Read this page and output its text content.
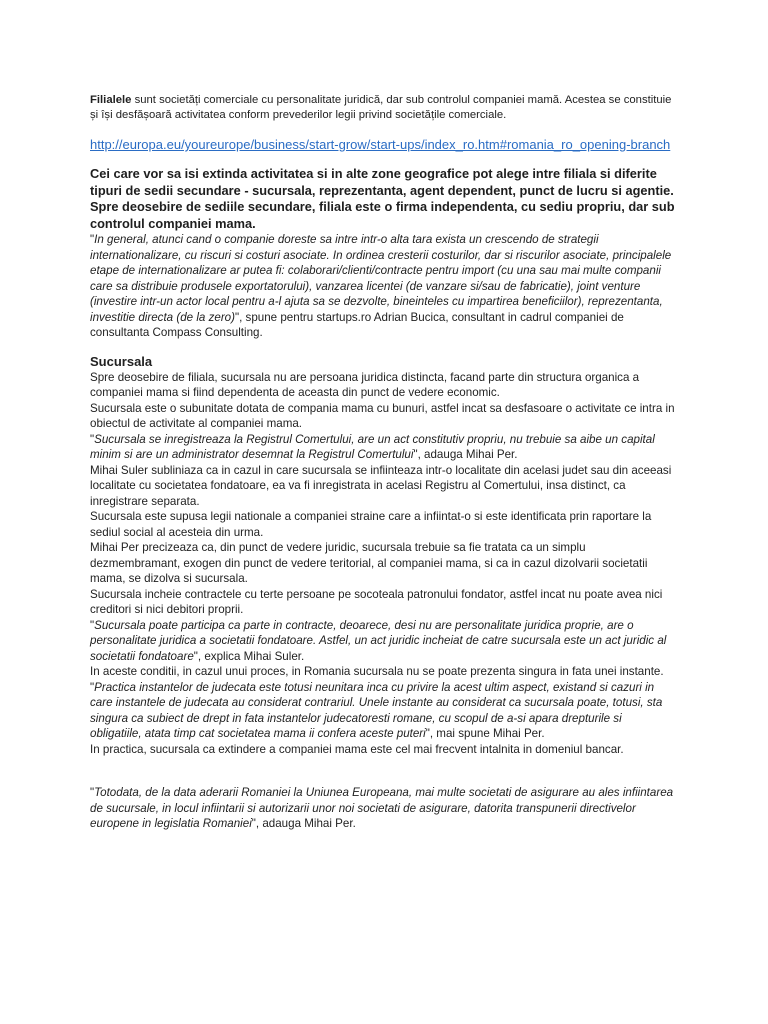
Filialele sunt societăți comerciale cu personalitate juridică, dar sub controlul companiei mamă. Acestea se constituie și își desfășoară activitatea conform prevederilor legii privind societățile comerciale.

http://europa.eu/youreurope/business/start-grow/start-ups/index_ro.htm#romania_ro_opening-branch

Cei care vor sa isi extinda activitatea si in alte zone geografice pot alege intre filiala si diferite tipuri de sedii secundare - sucursala, reprezentanta, agent dependent, punct de lucru si agentie. Spre deosebire de sediile secundare, filiala este o firma independenta, cu sediu propriu, dar sub controlul companiei mama.

"In general, atunci cand o companie doreste sa intre intr-o alta tara exista un crescendo de strategii internationalizare, cu riscuri si costuri asociate. In ordinea cresterii costurilor, dar si riscurilor asociate, principalele etape de internationalizare ar putea fi: colaborari/clienti/contracte pentru import (cu una sau mai multe companii care sa distribuie produsele exportatorului), vanzarea licentei (de vanzare si/sau de fabricatie), joint venture (investire intr-un actor local pentru a-l ajuta sa se dezvolte, bineinteles cu impartirea beneficiilor), reprezentanta, investitie directa (de la zero)", spune pentru startups.ro Adrian Bucica, consultant in cadrul companiei de consultanta Compass Consulting.

Sucursala

Spre deosebire de filiala, sucursala nu are persoana juridica distincta, facand parte din structura organica a companiei mama si fiind dependenta de aceasta din punct de vedere economic.

Sucursala este o subunitate dotata de compania mama cu bunuri, astfel incat sa desfasoare o activitate ce intra in obiectul de activitate al companiei mama.

"Sucursala se inregistreaza la Registrul Comertului, are un act constitutiv propriu, nu trebuie sa aibe un capital minim si are un administrator desemnat la Registrul Comertului", adauga Mihai Per.

Mihai Suler subliniaza ca in cazul in care sucursala se infiinteaza intr-o localitate din acelasi judet sau din aceeasi localitate cu societatea fondatoare, ea va fi inregistrata in acelasi Registru al Comertului, insa distinct, ca inregistrare separata.

Sucursala este supusa legii nationale a companiei straine care a infiintat-o si este identificata prin raportare la sediul social al acesteia din urma.

Mihai Per precizeaza ca, din punct de vedere juridic, sucursala trebuie sa fie tratata ca un simplu dezmembramant, exogen din punct de vedere teritorial, al companiei mama, si ca in cazul dizolvarii societatii mama, se dizolva si sucursala.

Sucursala incheie contractele cu terte persoane pe socoteala patronului fondator, astfel incat nu poate avea nici creditori si nici debitori proprii.

"Sucursala poate participa ca parte in contracte, deoarece, desi nu are personalitate juridica proprie, are o personalitate juridica a societatii fondatoare. Astfel, un act juridic incheiat de catre sucursala este un act juridic al societatii fondatoare", explica Mihai Suler.

In aceste conditii, in cazul unui proces, in Romania sucursala nu se poate prezenta singura in fata unei instante.

"Practica instantelor de judecata este totusi neunitara inca cu privire la acest ultim aspect, existand si cazuri in care instantele de judecata au considerat contrariul. Unele instante au considerat ca sucursala poate, totusi, sta singura ca subiect de drept in fata instantelor judecatoresti romane, cu scopul de a-si apara drepturile si obligatiile, atata timp cat societatea mama ii confera aceste puteri", mai spune Mihai Per.

In practica, sucursala ca extindere a companiei mama este cel mai frecvent intalnita in domeniul bancar.

"Totodata, de la data aderarii Romaniei la Uniunea Europeana, mai multe societati de asigurare au ales infiintarea de sucursale, in locul infiintarii si autorizarii unor noi societati de asigurare, datorita transpunerii directivelor europene in legislatia Romaniei", adauga Mihai Per.
